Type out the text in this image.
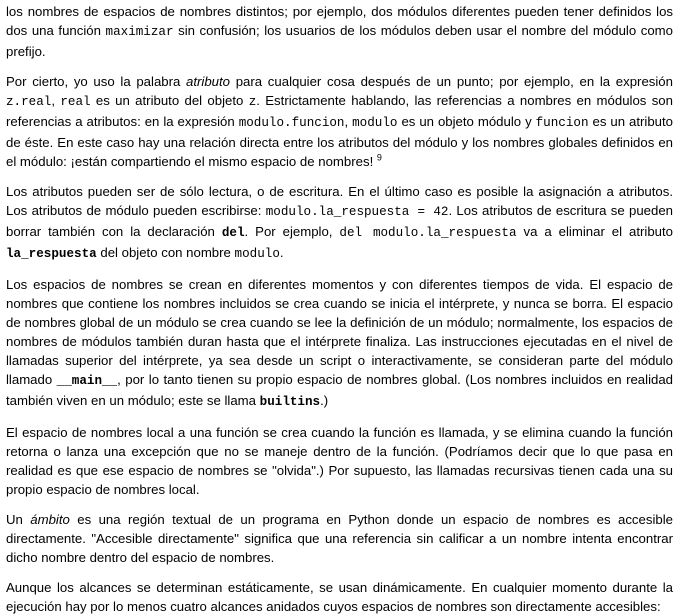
los nombres de espacios de nombres distintos; por ejemplo, dos módulos diferentes pueden tener definidos los dos una función maximizar sin confusión; los usuarios de los módulos deben usar el nombre del módulo como prefijo.

Por cierto, yo uso la palabra atributo para cualquier cosa después de un punto; por ejemplo, en la expresión z.real, real es un atributo del objeto z. Estrictamente hablando, las referencias a nombres en módulos son referencias a atributos: en la expresión modulo.funcion, modulo es un objeto módulo y funcion es un atributo de éste. En este caso hay una relación directa entre los atributos del módulo y los nombres globales definidos en el módulo: ¡están compartiendo el mismo espacio de nombres! $^9$

Los atributos pueden ser de sólo lectura, o de escritura. En el último caso es posible la asignación a atributos. Los atributos de módulo pueden escribirse: modulo.la_respuesta = 42. Los atributos de escritura se pueden borrar también con la declaración del. Por ejemplo, del modulo.la_respuesta va a eliminar el atributo la_respuesta del objeto con nombre modulo.

Los espacios de nombres se crean en diferentes momentos y con diferentes tiempos de vida. El espacio de nombres que contiene los nombres incluidos se crea cuando se inicia el intérprete, y nunca se borra. El espacio de nombres global de un módulo se crea cuando se lee la definición de un módulo; normalmente, los espacios de nombres de módulos también duran hasta que el intérprete finaliza. Las instrucciones ejecutadas en el nivel de llamadas superior del intérprete, ya sea desde un script o interactivamente, se consideran parte del módulo llamado __main__, por lo tanto tienen su propio espacio de nombres global. (Los nombres incluidos en realidad también viven en un módulo; este se llama builtins.)

El espacio de nombres local a una función se crea cuando la función es llamada, y se elimina cuando la función retorna o lanza una excepción que no se maneje dentro de la función. (Podríamos decir que lo que pasa en realidad es que ese espacio de nombres se "olvida".) Por supuesto, las llamadas recursivas tienen cada una su propio espacio de nombres local.

Un ámbito es una región textual de un programa en Python donde un espacio de nombres es accesible directamente. "Accesible directamente" significa que una referencia sin calificar a un nombre intenta encontrar dicho nombre dentro del espacio de nombres.

Aunque los alcances se determinan estáticamente, se usan dinámicamente. En cualquier momento durante la ejecución hay por lo menos cuatro alcances anidados cuyos espacios de nombres son directamente accesibles:
